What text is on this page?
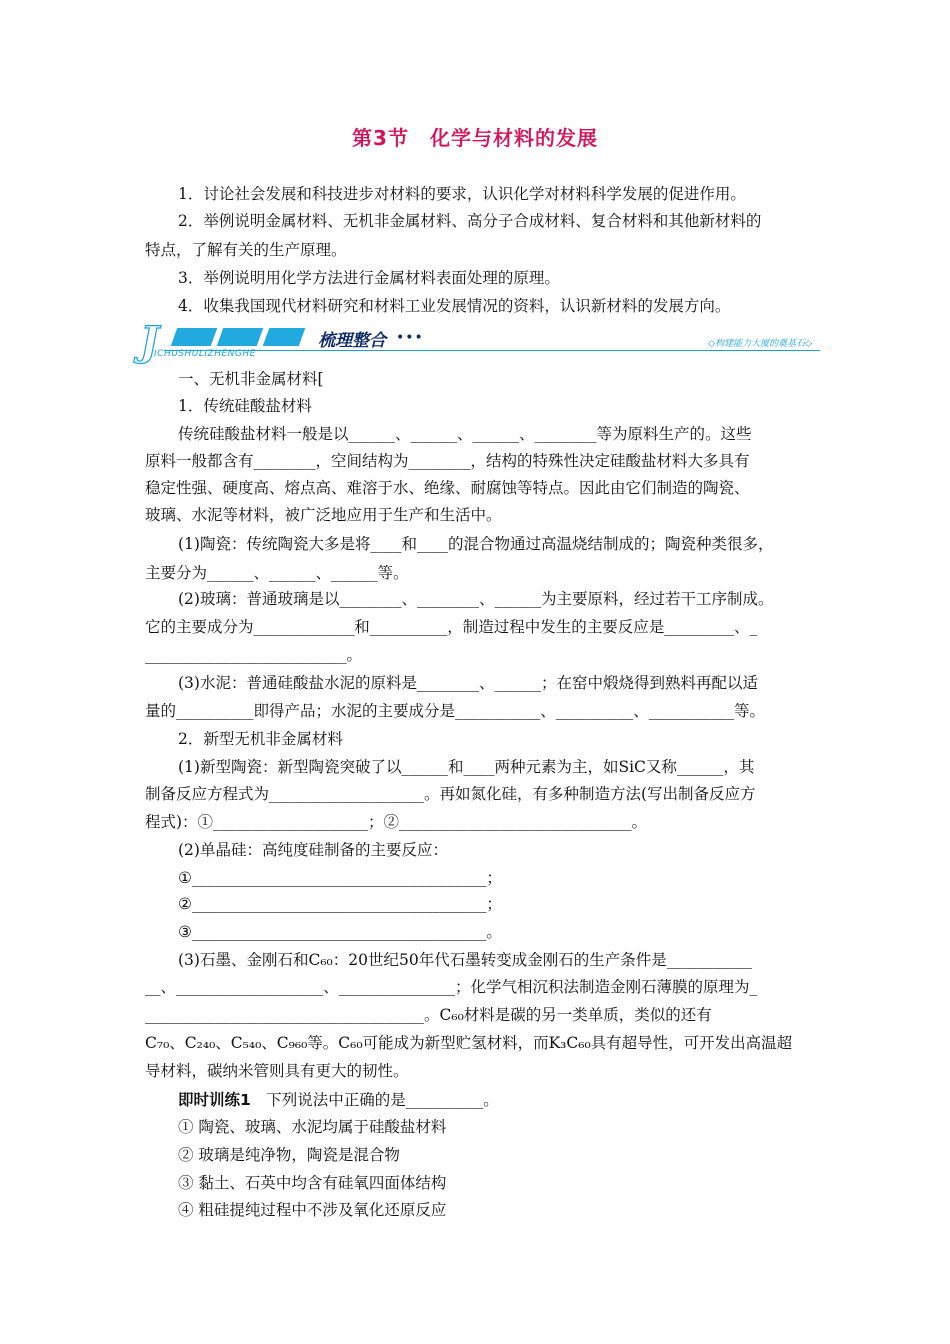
第3节　化学与材料的发展
1．讨论社会发展和科技进步对材料的要求，认识化学对材料科学发展的促进作用。
2．举例说明金属材料、无机非金属材料、高分子合成材料、复合材料和其他新材料的
特点，了解有关的生产原理。
3．举例说明用化学方法进行金属材料表面处理的原理。
4．收集我国现代材料研究和材料工业发展情况的资料，认识新材料的发展方向。
J	梳理整合 •••
ICHUSHULIZHENGHE
◇构建能力大厦的奠基石◇
一、无机非金属材料[
1．传统硅酸盐材料
传统硅酸盐材料一般是以______、______、______、________等为原料生产的。这些
原料一般都含有________，空间结构为________，结构的特殊性决定硅酸盐材料大多具有
稳定性强、硬度高、熔点高、难溶于水、绝缘、耐腐蚀等特点。因此由它们制造的陶瓷、
玻璃、水泥等材料，被广泛地应用于生产和生活中。
(1)陶瓷：传统陶瓷大多是将____和____的混合物通过高温烧结制成的；陶瓷种类很多，
主要分为______、______、______等。
(2)玻璃：普通玻璃是以________、________、______为主要原料，经过若干工序制成。
它的主要成分为_____________和__________，制造过程中发生的主要反应是_________、_
__________________________。
(3)水泥：普通硅酸盐水泥的原料是________、______；在窑中煅烧得到熟料再配以适
量的__________即得产品；水泥的主要成分是___________、__________、___________等。
2．新型无机非金属材料
(1)新型陶瓷：新型陶瓷突破了以______和____两种元素为主，如SiC又称______，其
制备反应方程式为____________________。再如氮化硅，有多种制造方法(写出制备反应方
程式)：①____________________；②______________________________。
(2)单晶硅：高纯度硅制备的主要反应：
①______________________________________；
②______________________________________；
③______________________________________。
(3)石墨、金刚石和C₆₀：20世纪50年代石墨转变成金刚石的生产条件是___________
__、___________________、_______________；化学气相沉积法制造金刚石薄膜的原理为_
____________________________________。C₆₀材料是碳的另一类单质，类似的还有
C₇₀、C₂₄₀、C₅₄₀、C₉₆₀等。C₆₀可能成为新型贮氢材料，而K₃C₆₀具有超导性，可开发出高温超
导材料，碳纳米管则具有更大的韧性。
即时训练1　下列说法中正确的是__________。
① 陶瓷、玻璃、水泥均属于硅酸盐材料
② 玻璃是纯净物，陶瓷是混合物
③ 黏土、石英中均含有硅氧四面体结构
④ 粗硅提纯过程中不涉及氧化还原反应
